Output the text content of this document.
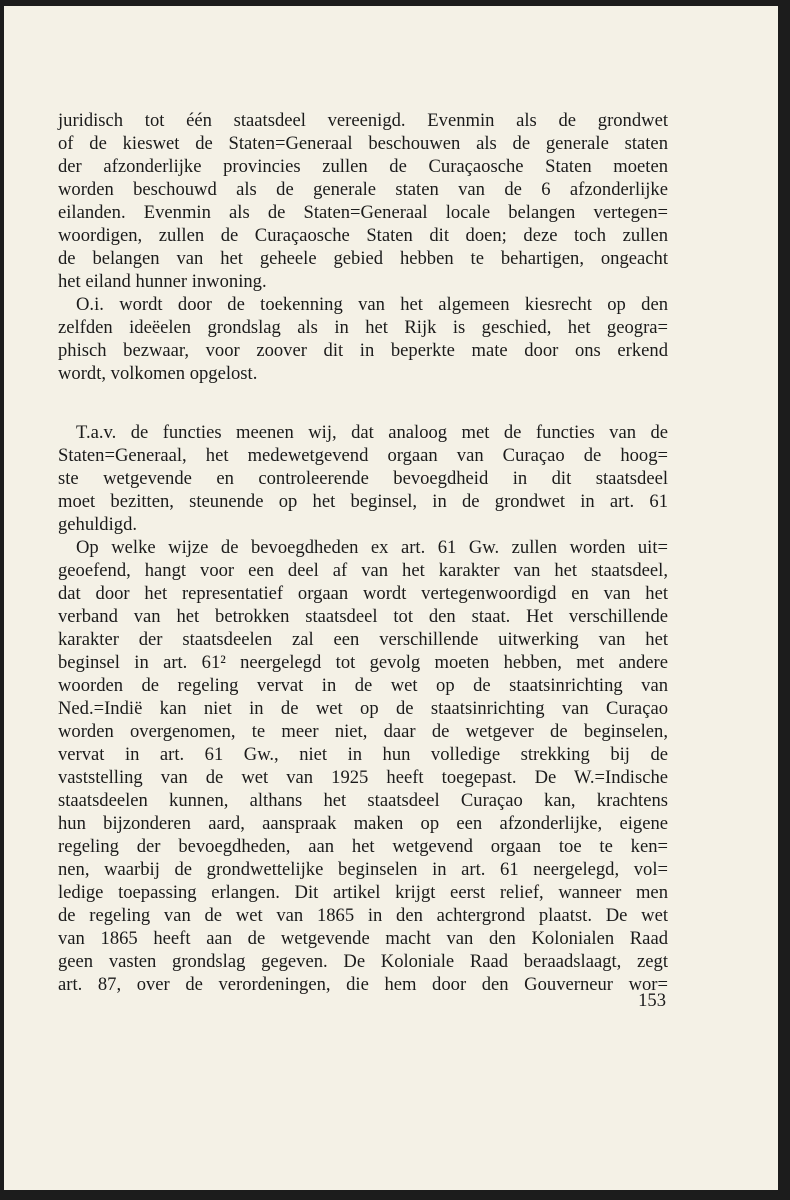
juridisch tot één staatsdeel vereenigd. Evenmin als de grondwet
of de kieswet de Staten=Generaal beschouwen als de generale staten
der afzonderlijke provincies zullen de Curaçaosche Staten moeten
worden beschouwd als de generale staten van de 6 afzonderlijke
eilanden. Evenmin als de Staten=Generaal locale belangen vertegen=
woordigen, zullen de Curaçaosche Staten dit doen; deze toch zullen
de belangen van het geheele gebied hebben te behartigen, ongeacht
het eiland hunner inwoning.

O.i. wordt door de toekenning van het algemeen kiesrecht op den
zelfden ideëelen grondslag als in het Rijk is geschied, het geogra=
phisch bezwaar, voor zoover dit in beperkte mate door ons erkend
wordt, volkomen opgelost.

T.a.v. de functies meenen wij, dat analoog met de functies van de
Staten=Generaal, het medewetgevend orgaan van Curaçao de hoog=
ste wetgevende en controleerende bevoegdheid in dit staatsdeel
moet bezitten, steunende op het beginsel, in de grondwet in art. 61
gehuldigd.

Op welke wijze de bevoegdheden ex art. 61 Gw. zullen worden uit=
geoefend, hangt voor een deel af van het karakter van het staatsdeel,
dat door het representatief orgaan wordt vertegenwoordigd en van het
verband van het betrokken staatsdeel tot den staat. Het verschillende
karakter der staatsdeelen zal een verschillende uitwerking van het
beginsel in art. 61² neergelegd tot gevolg moeten hebben, met andere
woorden de regeling vervat in de wet op de staatsinrichting van
Ned.=Indië kan niet in de wet op de staatsinrichting van Curaçao
worden overgenomen, te meer niet, daar de wetgever de beginselen,
vervat in art. 61 Gw., niet in hun volledige strekking bij de
vaststelling van de wet van 1925 heeft toegepast. De W.=Indische
staatsdeelen kunnen, althans het staatsdeel Curaçao kan, krachtens
hun bijzonderen aard, aanspraak maken op een afzonderlijke, eigene
regeling der bevoegdheden, aan het wetgevend orgaan toe te ken=
nen, waarbij de grondwettelijke beginselen in art. 61 neergelegd, vol=
ledige toepassing erlangen. Dit artikel krijgt eerst relief, wanneer men
de regeling van de wet van 1865 in den achtergrond plaatst. De wet
van 1865 heeft aan de wetgevende macht van den Kolonialen Raad
geen vasten grondslag gegeven. De Koloniale Raad beraadslaagt, zegt
art. 87, over de verordeningen, die hem door den Gouverneur wor=

153
